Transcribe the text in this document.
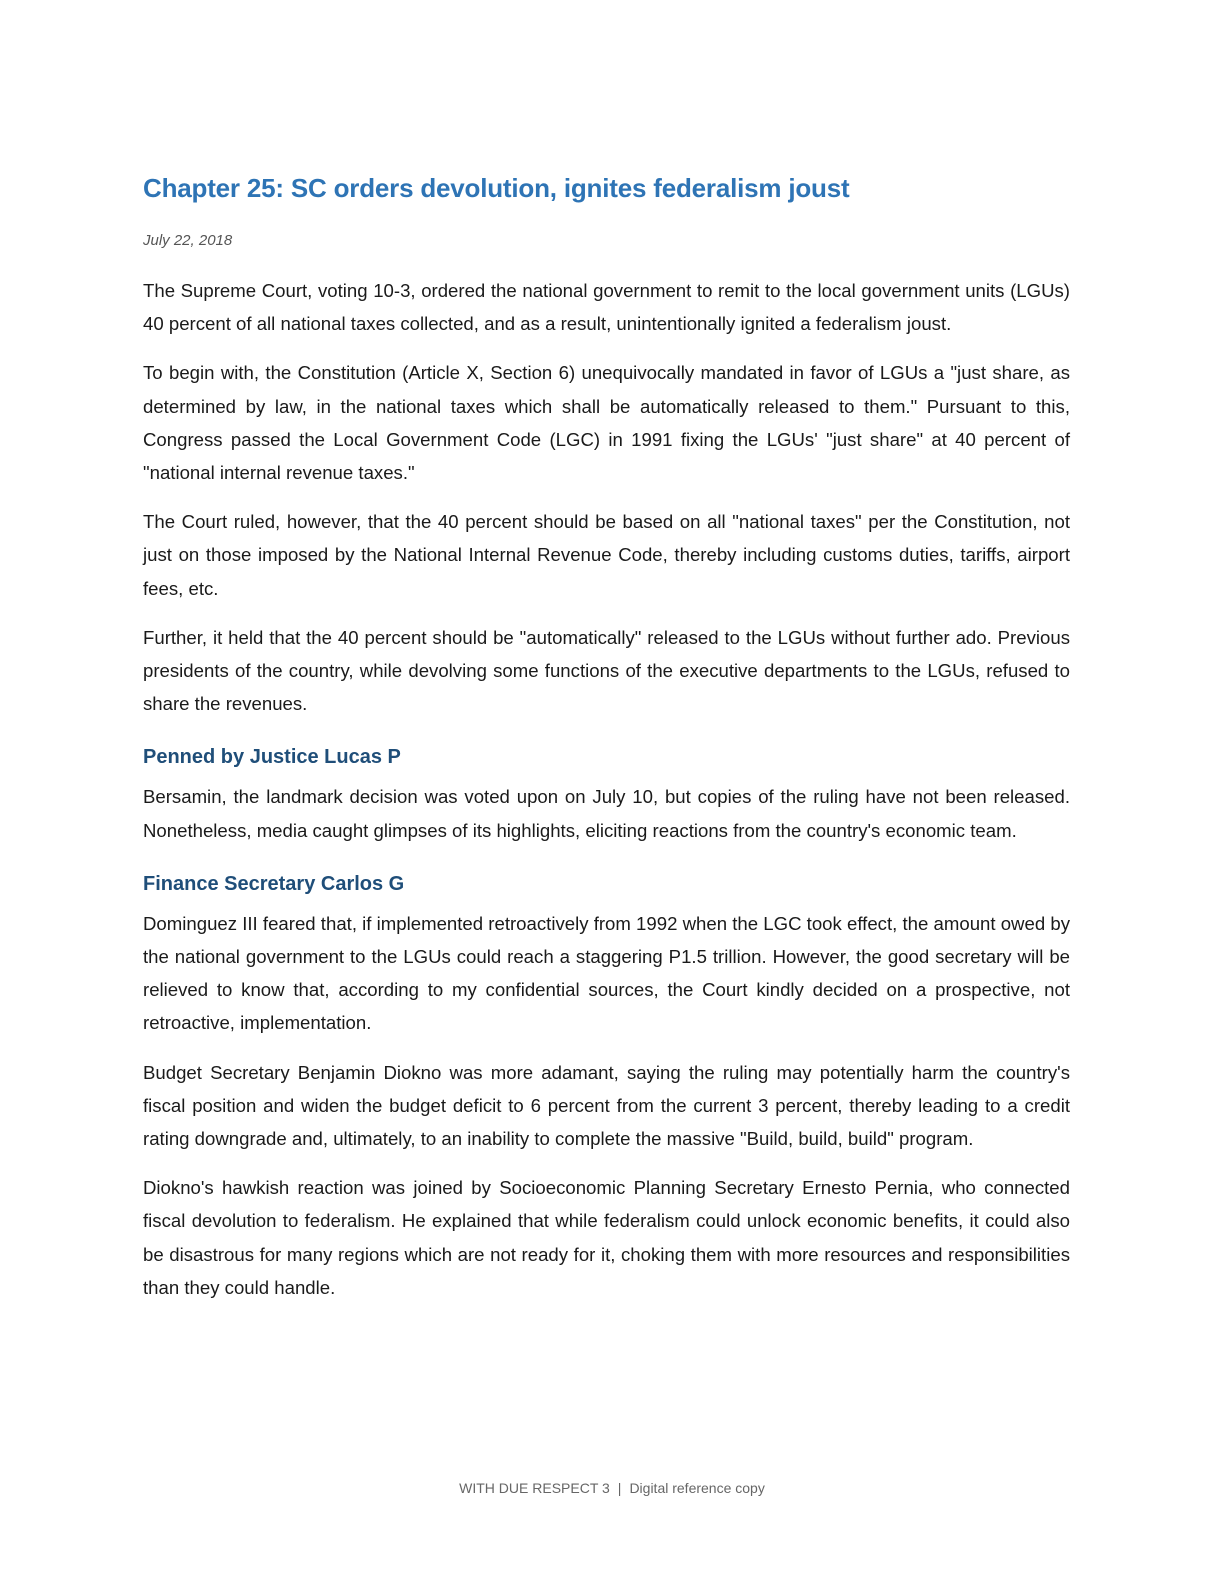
Chapter 25: SC orders devolution, ignites federalism joust

July 22, 2018

The Supreme Court, voting 10-3, ordered the national government to remit to the local government units (LGUs) 40 percent of all national taxes collected, and as a result, unintentionally ignited a federalism joust.

To begin with, the Constitution (Article X, Section 6) unequivocally mandated in favor of LGUs a "just share, as determined by law, in the national taxes which shall be automatically released to them." Pursuant to this, Congress passed the Local Government Code (LGC) in 1991 fixing the LGUs' "just share" at 40 percent of "national internal revenue taxes."

The Court ruled, however, that the 40 percent should be based on all "national taxes" per the Constitution, not just on those imposed by the National Internal Revenue Code, thereby including customs duties, tariffs, airport fees, etc.

Further, it held that the 40 percent should be "automatically" released to the LGUs without further ado. Previous presidents of the country, while devolving some functions of the executive departments to the LGUs, refused to share the revenues.

Penned by Justice Lucas P

Bersamin, the landmark decision was voted upon on July 10, but copies of the ruling have not been released. Nonetheless, media caught glimpses of its highlights, eliciting reactions from the country's economic team.

Finance Secretary Carlos G

Dominguez III feared that, if implemented retroactively from 1992 when the LGC took effect, the amount owed by the national government to the LGUs could reach a staggering P1.5 trillion. However, the good secretary will be relieved to know that, according to my confidential sources, the Court kindly decided on a prospective, not retroactive, implementation.

Budget Secretary Benjamin Diokno was more adamant, saying the ruling may potentially harm the country's fiscal position and widen the budget deficit to 6 percent from the current 3 percent, thereby leading to a credit rating downgrade and, ultimately, to an inability to complete the massive "Build, build, build" program.

Diokno's hawkish reaction was joined by Socioeconomic Planning Secretary Ernesto Pernia, who connected fiscal devolution to federalism. He explained that while federalism could unlock economic benefits, it could also be disastrous for many regions which are not ready for it, choking them with more resources and responsibilities than they could handle.

WITH DUE RESPECT 3 | Digital reference copy
